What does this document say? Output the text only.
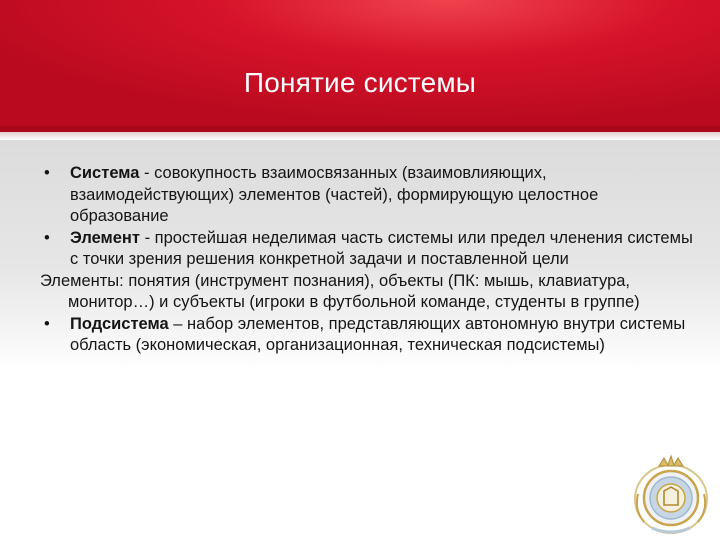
Понятие системы

• Система - совокупность взаимосвязанных (взаимовлияющих, взаимодействующих) элементов (частей), формирующую целостное образование

• Элемент - простейшая неделимая часть системы или предел членения системы с точки зрения решения конкретной задачи и поставленной цели

Элементы: понятия (инструмент познания), объекты (ПК: мышь, клавиатура, монитор…) и субъекты (игроки в футбольной команде, студенты в группе)

• Подсистема – набор элементов, представляющих автономную внутри системы область (экономическая, организационная, техническая подсистемы)
